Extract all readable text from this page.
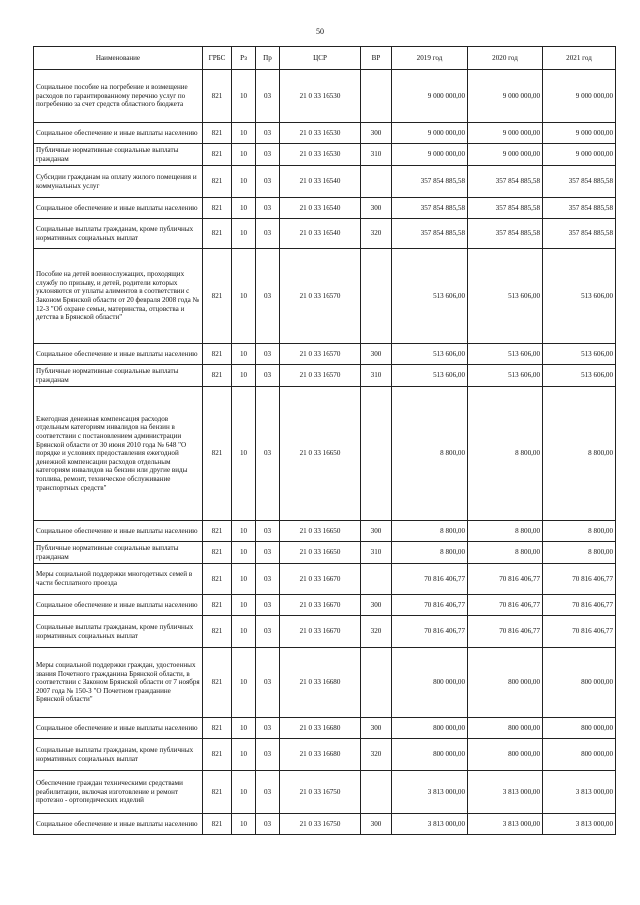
50
Наименование	ГРБС	Рз	Пр	ЦСР	ВР	2019 год	2020 год	2021 год
Социальное пособие на погребение и возмещение расходов по гарантированному перечню услуг по погребению за счет средств областного бюджета	821	10	03	21 0 33 16530		9 000 000,00	9 000 000,00	9 000 000,00
Социальное обеспечение и иные выплаты населению	821	10	03	21 0 33 16530	300	9 000 000,00	9 000 000,00	9 000 000,00
Публичные нормативные социальные выплаты гражданам	821	10	03	21 0 33 16530	310	9 000 000,00	9 000 000,00	9 000 000,00
Субсидии гражданам на оплату жилого помещения и коммунальных услуг	821	10	03	21 0 33 16540		357 854 885,58	357 854 885,58	357 854 885,58
Социальное обеспечение и иные выплаты населению	821	10	03	21 0 33 16540	300	357 854 885,58	357 854 885,58	357 854 885,58
Социальные выплаты гражданам, кроме публичных нормативных социальных выплат	821	10	03	21 0 33 16540	320	357 854 885,58	357 854 885,58	357 854 885,58
Пособие на детей военнослужащих, проходящих службу по призыву, и детей, родители которых уклоняются от уплаты алиментов в соответствии с Законом Брянской области от 20 февраля 2008 года № 12-З "Об охране семьи, материнства, отцовства и детства в Брянской области"	821	10	03	21 0 33 16570		513 606,00	513 606,00	513 606,00
Социальное обеспечение и иные выплаты населению	821	10	03	21 0 33 16570	300	513 606,00	513 606,00	513 606,00
Публичные нормативные социальные выплаты гражданам	821	10	03	21 0 33 16570	310	513 606,00	513 606,00	513 606,00
Ежегодная денежная компенсация расходов отдельным категориям инвалидов на бензин в соответствии с постановлением администрации Брянской области от 30 июня 2010 года № 648 "О порядке и условиях предоставления ежегодной денежной компенсации расходов отдельным категориям инвалидов на бензин или другие виды топлива, ремонт, техническое обслуживание транспортных средств"	821	10	03	21 0 33 16650		8 800,00	8 800,00	8 800,00
Социальное обеспечение и иные выплаты населению	821	10	03	21 0 33 16650	300	8 800,00	8 800,00	8 800,00
Публичные нормативные социальные выплаты гражданам	821	10	03	21 0 33 16650	310	8 800,00	8 800,00	8 800,00
Меры социальной поддержки многодетных семей в части бесплатного проезда	821	10	03	21 0 33 16670		70 816 406,77	70 816 406,77	70 816 406,77
Социальное обеспечение и иные выплаты населению	821	10	03	21 0 33 16670	300	70 816 406,77	70 816 406,77	70 816 406,77
Социальные выплаты гражданам, кроме публичных нормативных социальных выплат	821	10	03	21 0 33 16670	320	70 816 406,77	70 816 406,77	70 816 406,77
Меры социальной поддержки граждан, удостоенных звания Почетного гражданина Брянской области, в соответствии с Законом Брянской области от 7 ноября 2007 года № 150-З "О Почетном гражданине Брянской области"	821	10	03	21 0 33 16680		800 000,00	800 000,00	800 000,00
Социальное обеспечение и иные выплаты населению	821	10	03	21 0 33 16680	300	800 000,00	800 000,00	800 000,00
Социальные выплаты гражданам, кроме публичных нормативных социальных выплат	821	10	03	21 0 33 16680	320	800 000,00	800 000,00	800 000,00
Обеспечение граждан техническими средствами реабилитации, включая изготовление и ремонт протезно - ортопедических изделий	821	10	03	21 0 33 16750		3 813 000,00	3 813 000,00	3 813 000,00
Социальное обеспечение и иные выплаты населению	821	10	03	21 0 33 16750	300	3 813 000,00	3 813 000,00	3 813 000,00
